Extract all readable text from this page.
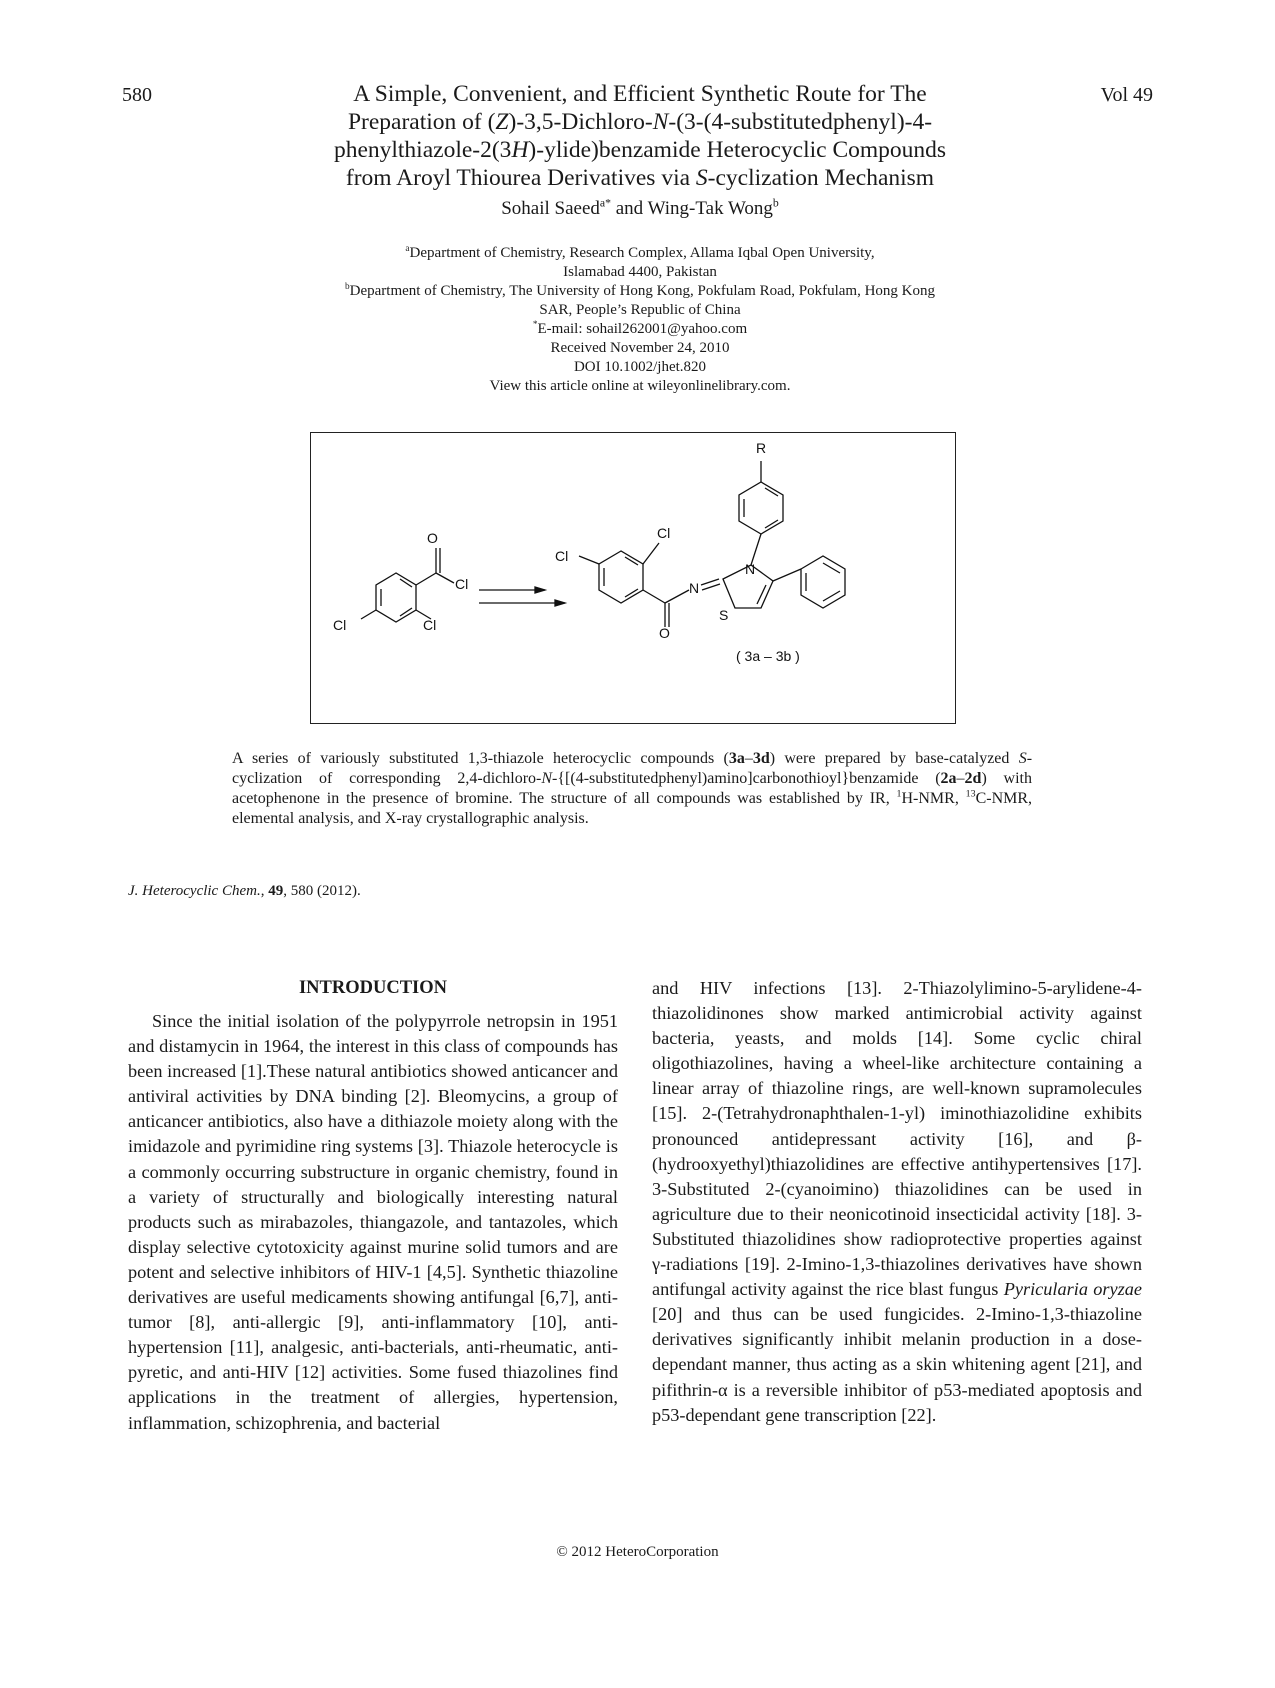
580	Vol 49
A Simple, Convenient, and Efficient Synthetic Route for The
Preparation of (Z)-3,5-Dichloro-N-(3-(4-substitutedphenyl)-4-
phenylthiazole-2(3H)-ylide)benzamide Heterocyclic Compounds
from Aroyl Thiourea Derivatives via S-cyclization Mechanism
Sohail Saeed$^{a*}$ and Wing-Tak Wong$^b$
$^a$Department of Chemistry, Research Complex, Allama Iqbal Open University,
Islamabad 4400, Pakistan
$^b$Department of Chemistry, The University of Hong Kong, Pokfulam Road, Pokfulam, Hong Kong
SAR, People’s Republic of China
*E-mail: sohail262001@yahoo.com
Received November 24, 2010
DOI 10.1002/jhet.820
View this article online at wileyonlinelibrary.com.
O
Cl
Cl	Cl
Cl
Cl
N
N
S
O
R
( 3a – 3b )
A series of variously substituted 1,3-thiazole heterocyclic compounds (3a–3d) were prepared by base-catalyzed S-cyclization of corresponding 2,4-dichloro-N-{[(4-substitutedphenyl)amino]carbonothioyl}benzamide (2a–2d) with acetophenone in the presence of bromine. The structure of all compounds was established by IR, $^1$H-NMR, $^{13}$C-NMR, elemental analysis, and X-ray crystallographic analysis.
J. Heterocyclic Chem., 49, 580 (2012).
INTRODUCTION

Since the initial isolation of the polypyrrole netropsin in 1951 and distamycin in 1964, the interest in this class of compounds has been increased [1].These natural antibiotics showed anticancer and antiviral activities by DNA binding [2]. Bleomycins, a group of anticancer antibiotics, also have a dithiazole moiety along with the imidazole and pyrimidine ring systems [3]. Thiazole heterocycle is a commonly occurring substructure in organic chemistry, found in a variety of structurally and biologically interesting natural products such as mirabazoles, thiangazole, and tantazoles, which display selective cytotoxicity against murine solid tumors and are potent and selective inhibitors of HIV-1 [4,5]. Synthetic thiazoline derivatives are useful medicaments showing antifungal [6,7], anti-tumor [8], anti-allergic [9], anti-inflammatory [10], anti-hypertension [11], analgesic, anti-bacterials, anti-rheumatic, anti-pyretic, and anti-HIV [12] activities. Some fused thiazolines find applications in the treatment of allergies, hypertension, inflammation, schizophrenia, and bacterial

and HIV infections [13]. 2-Thiazolylimino-5-arylidene-4-thiazolidinones show marked antimicrobial activity against bacteria, yeasts, and molds [14]. Some cyclic chiral oligothiazolines, having a wheel-like architecture containing a linear array of thiazoline rings, are well-known supramolecules [15]. 2-(Tetrahydronaphthalen-1-yl) iminothiazolidine exhibits pronounced antidepressant activity [16], and β-(hydrooxyethyl)thiazolidines are effective antihypertensives [17]. 3-Substituted 2-(cyanoimino) thiazolidines can be used in agriculture due to their neonicotinoid insecticidal activity [18]. 3-Substituted thiazolidines show radioprotective properties against γ-radiations [19]. 2-Imino-1,3-thiazolines derivatives have shown antifungal activity against the rice blast fungus Pyricularia oryzae [20] and thus can be used fungicides. 2-Imino-1,3-thiazoline derivatives significantly inhibit melanin production in a dose-dependant manner, thus acting as a skin whitening agent [21], and pifithrin-α is a reversible inhibitor of p53-mediated apoptosis and p53-dependant gene transcription [22].

© 2012 HeteroCorporation
